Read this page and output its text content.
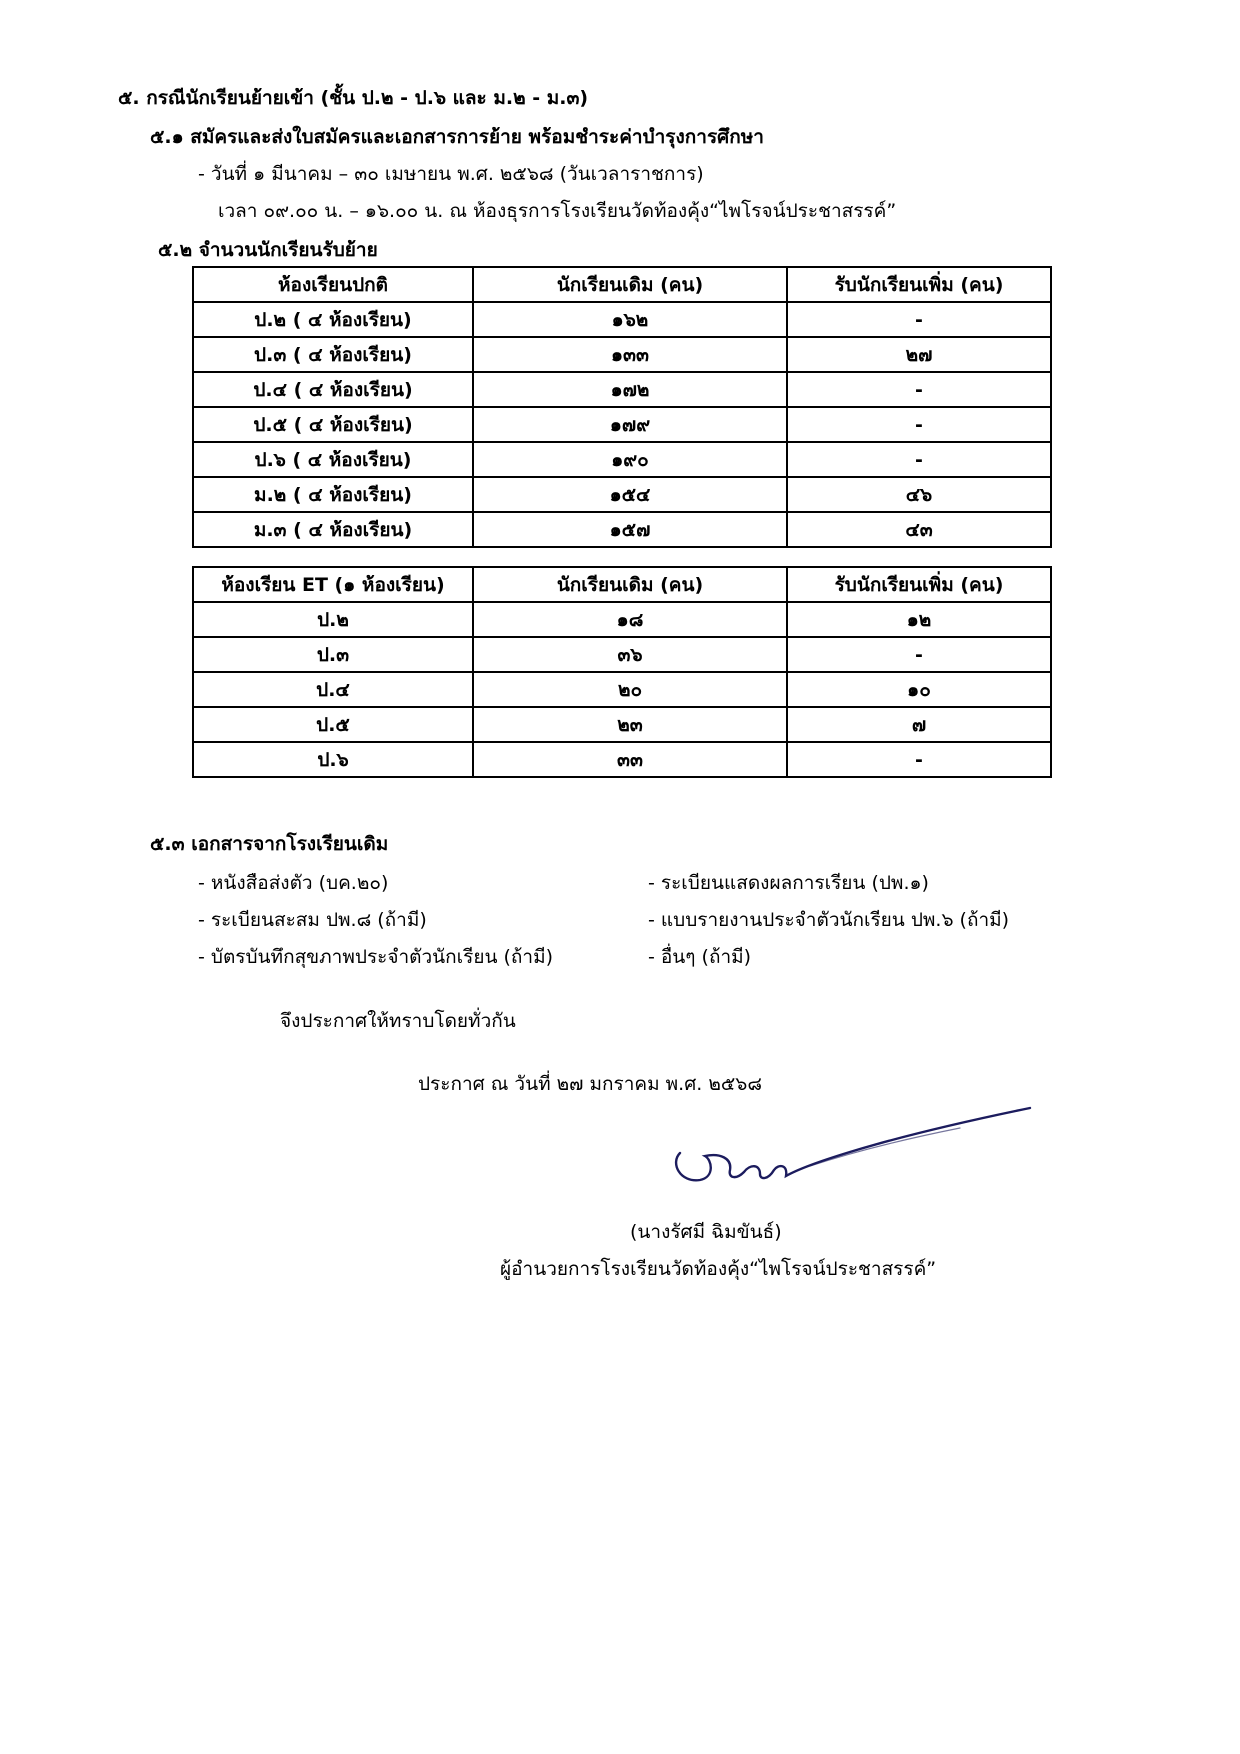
๕. กรณีนักเรียนย้ายเข้า (ชั้น ป.๒ - ป.๖ และ ม.๒ - ม.๓)
๕.๑ สมัครและส่งใบสมัครและเอกสารการย้าย พร้อมชำระค่าบำรุงการศึกษา
- วันที่ ๑ มีนาคม – ๓๐ เมษายน พ.ศ. ๒๕๖๘ (วันเวลาราชการ)
เวลา ๐๙.๐๐ น. – ๑๖.๐๐ น. ณ ห้องธุรการโรงเรียนวัดท้องคุ้ง“ไพโรจน์ประชาสรรค์”
๕.๒ จำนวนนักเรียนรับย้าย
ห้องเรียนปกติ	นักเรียนเดิม (คน)	รับนักเรียนเพิ่ม (คน)
ป.๒ ( ๔ ห้องเรียน)	๑๖๒	-
ป.๓ ( ๔ ห้องเรียน)	๑๓๓	๒๗
ป.๔ ( ๔ ห้องเรียน)	๑๗๒	-
ป.๕ ( ๔ ห้องเรียน)	๑๗๙	-
ป.๖ ( ๔ ห้องเรียน)	๑๙๐	-
ม.๒ ( ๔ ห้องเรียน)	๑๕๔	๔๖
ม.๓ ( ๔ ห้องเรียน)	๑๕๗	๔๓
ห้องเรียน ET (๑ ห้องเรียน)	นักเรียนเดิม (คน)	รับนักเรียนเพิ่ม (คน)
ป.๒	๑๘	๑๒
ป.๓	๓๖	-
ป.๔	๒๐	๑๐
ป.๕	๒๓	๗
ป.๖	๓๓	-
๕.๓ เอกสารจากโรงเรียนเดิม
- หนังสือส่งตัว (บค.๒๐)
- ระเบียนสะสม ปพ.๘ (ถ้ามี)
- บัตรบันทึกสุขภาพประจำตัวนักเรียน (ถ้ามี)
- ระเบียนแสดงผลการเรียน (ปพ.๑)
- แบบรายงานประจำตัวนักเรียน ปพ.๖ (ถ้ามี)
- อื่นๆ (ถ้ามี)
จึงประกาศให้ทราบโดยทั่วกัน
ประกาศ ณ วันที่ ๒๗ มกราคม พ.ศ. ๒๕๖๘
(นางรัศมี ฉิมขันธ์)
ผู้อำนวยการโรงเรียนวัดท้องคุ้ง“ไพโรจน์ประชาสรรค์”
